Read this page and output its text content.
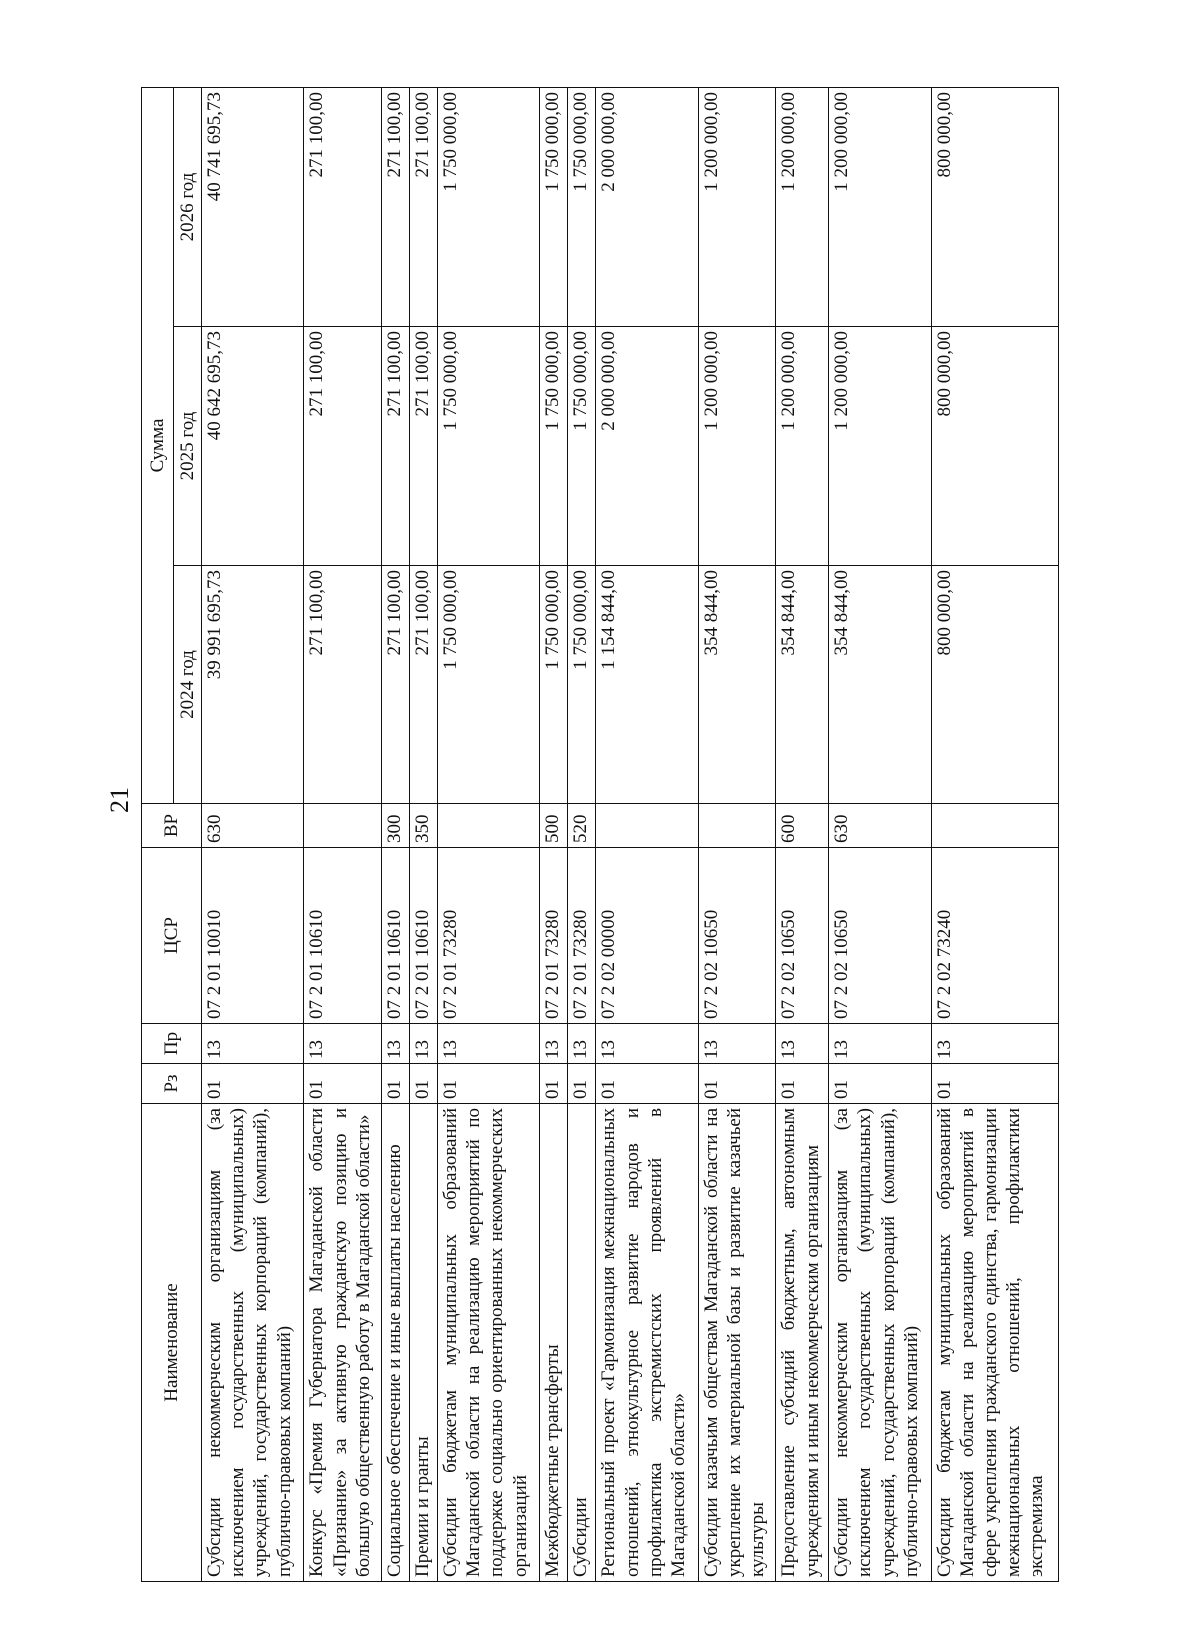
21
Наименование	Рз	Пр	ЦСР	ВР	Сумма		
					2024 год	2025 год	2026 год
Субсидии некоммерческим организациям (за исключением государственных (муниципальных) учреждений, государственных корпораций (компаний), публично-правовых компаний)	01	13	07 2 01 10010	630	39 991 695,73	40 642 695,73	40 741 695,73
Конкурс «Премия Губернатора Магаданской области «Признание» за активную гражданскую позицию и большую общественную работу в Магаданской области»	01	13	07 2 01 10610		271 100,00	271 100,00	271 100,00
Социальное обеспечение и иные выплаты населению	01	13	07 2 01 10610	300	271 100,00	271 100,00	271 100,00
Премии и гранты	01	13	07 2 01 10610	350	271 100,00	271 100,00	271 100,00
Субсидии бюджетам муниципальных образований Магаданской области на реализацию мероприятий по поддержке социально ориентированных некоммерческих организаций	01	13	07 2 01 73280		1 750 000,00	1 750 000,00	1 750 000,00
Межбюджетные трансферты	01	13	07 2 01 73280	500	1 750 000,00	1 750 000,00	1 750 000,00
Субсидии	01	13	07 2 01 73280	520	1 750 000,00	1 750 000,00	1 750 000,00
Региональный проект «Гармонизация межнациональных отношений, этнокультурное развитие народов и профилактика экстремистских проявлений в Магаданской области»	01	13	07 2 02 00000		1 154 844,00	2 000 000,00	2 000 000,00
Субсидии казачьим обществам Магаданской области на укрепление их материальной базы и развитие казачьей культуры	01	13	07 2 02 10650		354 844,00	1 200 000,00	1 200 000,00
Предоставление субсидий бюджетным, автономным учреждениям и иным некоммерческим организациям	01	13	07 2 02 10650	600	354 844,00	1 200 000,00	1 200 000,00
Субсидии некоммерческим организациям (за исключением государственных (муниципальных) учреждений, государственных корпораций (компаний), публично-правовых компаний)	01	13	07 2 02 10650	630	354 844,00	1 200 000,00	1 200 000,00
Субсидии бюджетам муниципальных образований Магаданской области на реализацию мероприятий в сфере укрепления гражданского единства, гармонизации межнациональных отношений, профилактики экстремизма	01	13	07 2 02 73240		800 000,00	800 000,00	800 000,00
